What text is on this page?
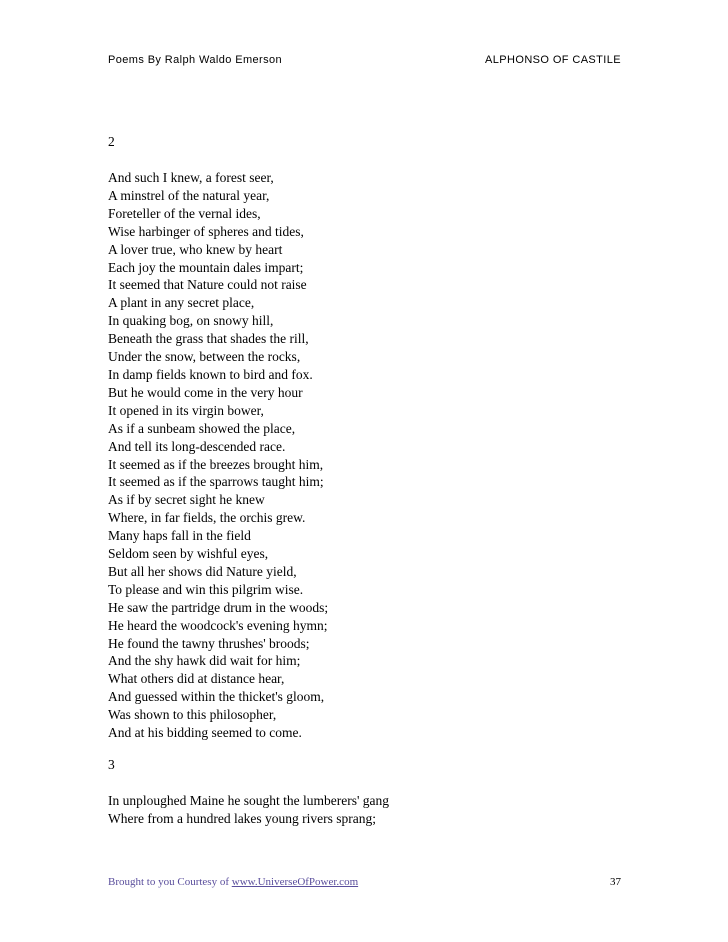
Poems By Ralph Waldo Emerson	ALPHONSO OF CASTILE
2
And such I knew, a forest seer,
A minstrel of the natural year,
Foreteller of the vernal ides,
Wise harbinger of spheres and tides,
A lover true, who knew by heart
Each joy the mountain dales impart;
It seemed that Nature could not raise
A plant in any secret place,
In quaking bog, on snowy hill,
Beneath the grass that shades the rill,
Under the snow, between the rocks,
In damp fields known to bird and fox.
But he would come in the very hour
It opened in its virgin bower,
As if a sunbeam showed the place,
And tell its long-descended race.
It seemed as if the breezes brought him,
It seemed as if the sparrows taught him;
As if by secret sight he knew
Where, in far fields, the orchis grew.
Many haps fall in the field
Seldom seen by wishful eyes,
But all her shows did Nature yield,
To please and win this pilgrim wise.
He saw the partridge drum in the woods;
He heard the woodcock's evening hymn;
He found the tawny thrushes' broods;
And the shy hawk did wait for him;
What others did at distance hear,
And guessed within the thicket's gloom,
Was shown to this philosopher,
And at his bidding seemed to come.
3
In unploughed Maine he sought the lumberers' gang
Where from a hundred lakes young rivers sprang;
Brought to you Courtesy of www.UniverseOfPower.com	37
